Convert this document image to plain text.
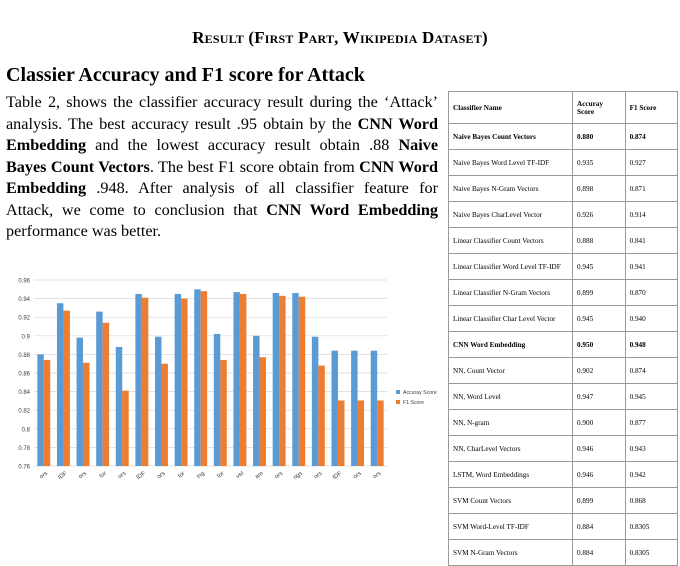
Result (First Part, Wikipedia Dataset)
Classier Accuracy and F1 score for Attack

Table 2, shows the classifier accuracy result during the ‘Attack’ analysis. The best accuracy result .95 obtain by the CNN Word Embedding and the lowest accuracy result obtain .88 Naive Bayes Count Vectors. The best F1 score obtain from CNN Word Embedding .948. After analysis of all classifier feature for Attack, we come to conclusion that CNN Word Embedding performance was better.

0.96
0.94
0.92
0.9
0.88
0.86
0.84
0.82
0.8
0.78
0.76
ors IDF ors tor ors IDF ors tor ing tor vel am ors ngs ors IDF ors ors
Accuray Score
F1 Score
Classifier Name	Accuray Score	F1 Score
Naive Bayes Count Vectors	0.880	0.874
Naive Bayes Word Level TF-IDF	0.935	0.927
Naive Bayes N-Gram Vectors	0.898	0.871
Naive Bayes CharLevel Vector	0.926	0.914
Linear Classifier Count Vectors	0.888	0.841
Linear Classifier Word Level TF-IDF	0.945	0.941
Linear Classifier N-Gram Vectors	0.899	0.870
Linear Classifier Char Level Vector	0.945	0.940
CNN Word Embedding	0.950	0.948
NN, Count Vector	0.902	0.874
NN, Word Level	0.947	0.945
NN, N-gram	0.900	0.877
NN, CharLevel Vectors	0.946	0.943
LSTM, Word Embeddings	0.946	0.942
SVM Count Vectors	0.899	0.868
SVM Word-Level TF-IDF	0.884	0.8305
SVM N-Gram Vectors	0.884	0.8305
